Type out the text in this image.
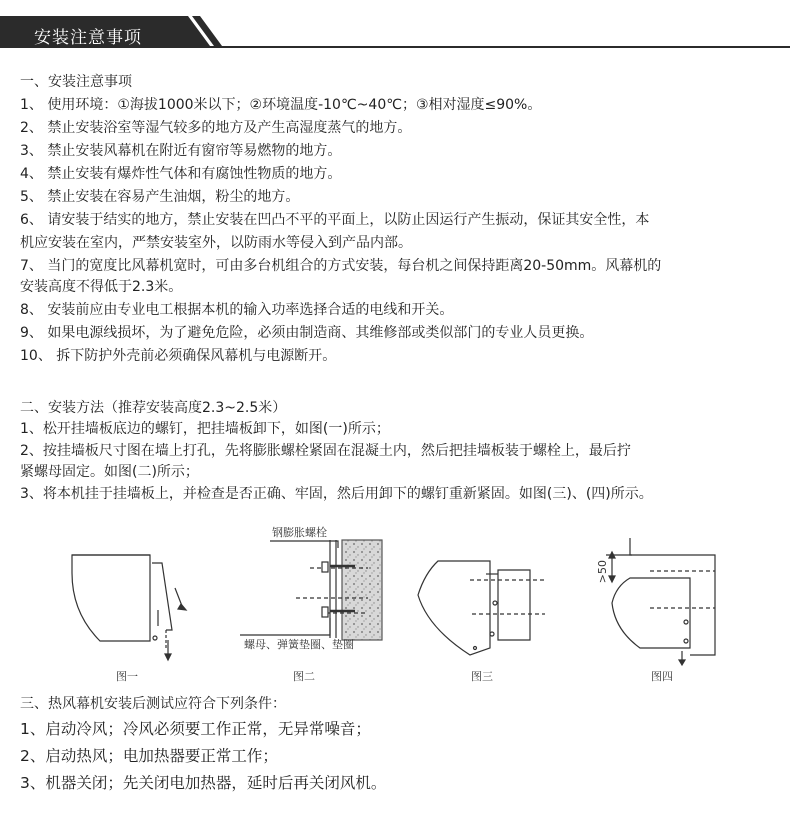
安装注意事项
一、安装注意事项
1、 使用环境：①海拔1000米以下；②环境温度-10℃~40℃；③相对湿度≤90%。
2、 禁止安装浴室等湿气较多的地方及产生高湿度蒸气的地方。
3、 禁止安装风幕机在附近有窗帘等易燃物的地方。
4、 禁止安装有爆炸性气体和有腐蚀性物质的地方。
5、 禁止安装在容易产生油烟，粉尘的地方。
6、 请安装于结实的地方，禁止安装在凹凸不平的平面上，以防止因运行产生振动，保证其安全性，本
机应安装在室内，严禁安装室外，以防雨水等侵入到产品内部。
7、 当门的宽度比风幕机宽时，可由多台机组合的方式安装，每台机之间保持距离20-50mm。风幕机的
安装高度不得低于2.3米。
8、 安装前应由专业电工根据本机的输入功率选择合适的电线和开关。
9、 如果电源线损坏，为了避免危险，必须由制造商、其维修部或类似部门的专业人员更换。
10、 拆下防护外壳前必须确保风幕机与电源断开。
二、安装方法（推荐安装高度2.3~2.5米）
1、松开挂墙板底边的螺钉，把挂墙板卸下，如图(一)所示；
2、按挂墙板尺寸图在墙上打孔，先将膨胀螺栓紧固在混凝土内，然后把挂墙板装于螺栓上，最后拧
紧螺母固定。如图(二)所示；
3、将本机挂于挂墙板上，并检查是否正确、牢固，然后用卸下的螺钉重新紧固。如图(三)、(四)所示。
钢膨胀螺栓
螺母、弹簧垫圈、垫圈
>50
图一	图二	图三	图四
三、热风幕机安装后测试应符合下列条件：
1、启动冷风；冷风必须要工作正常，无异常噪音；
2、启动热风；电加热器要正常工作；
3、机器关闭；先关闭电加热器，延时后再关闭风机。
